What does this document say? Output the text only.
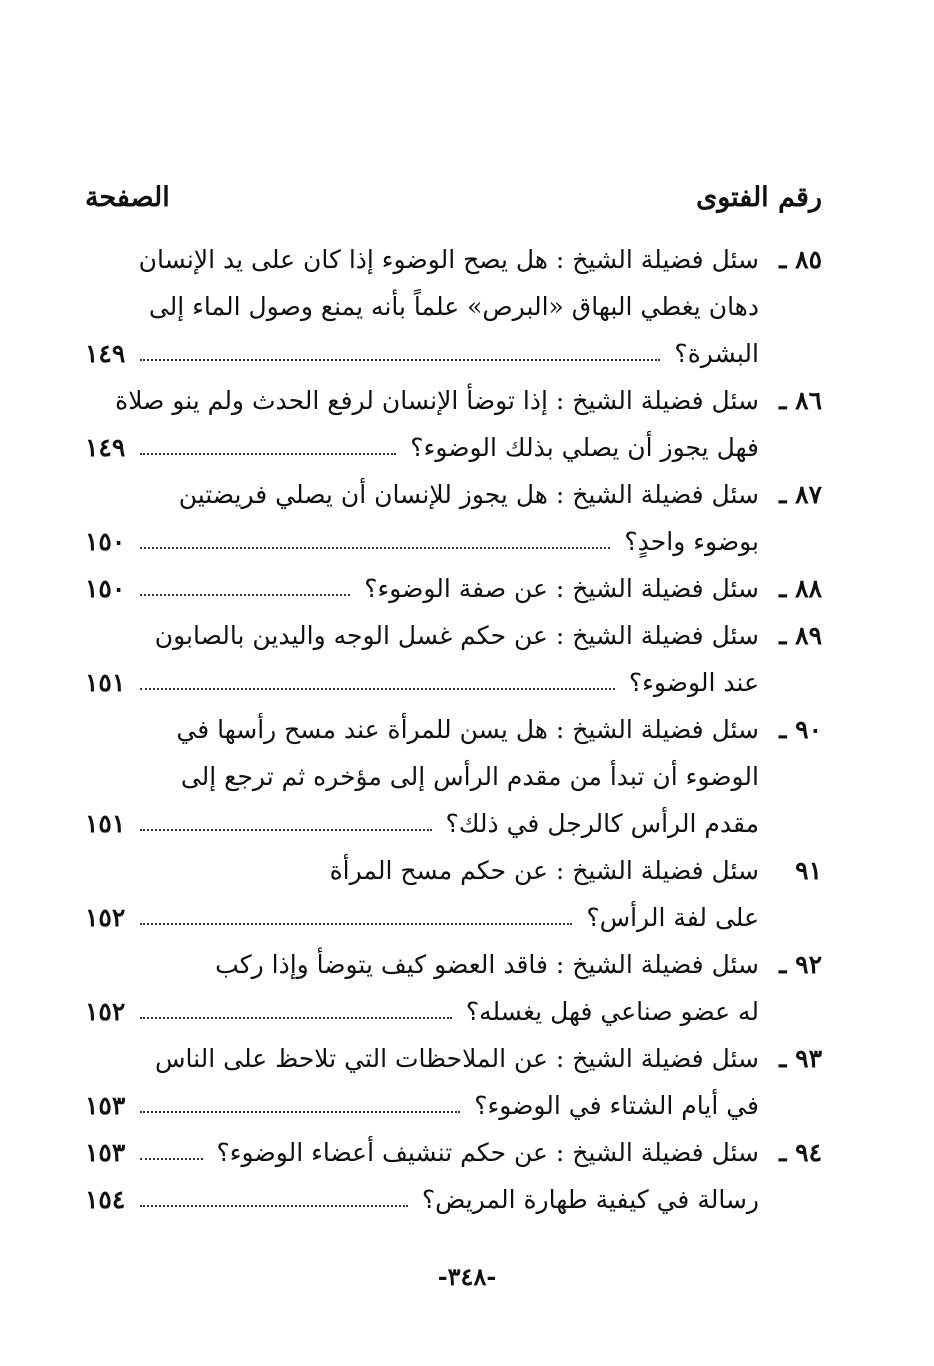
رقم الفتوى
الصفحة
٨٥ ـ
سئل فضيلة الشيخ : هل يصح الوضوء إذا كان على يد الإنسان
دهان يغطي البهاق «البرص» علماً بأنه يمنع وصول الماء إلى
البشرة؟
١٤٩
٨٦ ـ
سئل فضيلة الشيخ : إذا توضأ الإنسان لرفع الحدث ولم ينو صلاة
فهل يجوز أن يصلي بذلك الوضوء؟
١٤٩
٨٧ ـ
سئل فضيلة الشيخ : هل يجوز للإنسان أن يصلي فريضتين
بوضوء واحدٍ؟
١٥٠
٨٨ ـ
سئل فضيلة الشيخ : عن صفة الوضوء؟
١٥٠
٨٩ ـ
سئل فضيلة الشيخ : عن حكم غسل الوجه واليدين بالصابون
عند الوضوء؟
١٥١
٩٠ ـ
سئل فضيلة الشيخ : هل يسن للمرأة عند مسح رأسها في
الوضوء أن تبدأ من مقدم الرأس إلى مؤخره ثم ترجع إلى
مقدم الرأس كالرجل في ذلك؟
١٥١
٩١
سئل فضيلة الشيخ : عن حكم مسح المرأة
على لفة الرأس؟
١٥٢
٩٢ ـ
سئل فضيلة الشيخ : فاقد العضو كيف يتوضأ وإذا ركب
له عضو صناعي فهل يغسله؟
١٥٢
٩٣ ـ
سئل فضيلة الشيخ : عن الملاحظات التي تلاحظ على الناس
في أيام الشتاء في الوضوء؟
١٥٣
٩٤ ـ
سئل فضيلة الشيخ : عن حكم تنشيف أعضاء الوضوء؟
١٥٣
رسالة في كيفية طهارة المريض؟
١٥٤
-٣٤٨-
